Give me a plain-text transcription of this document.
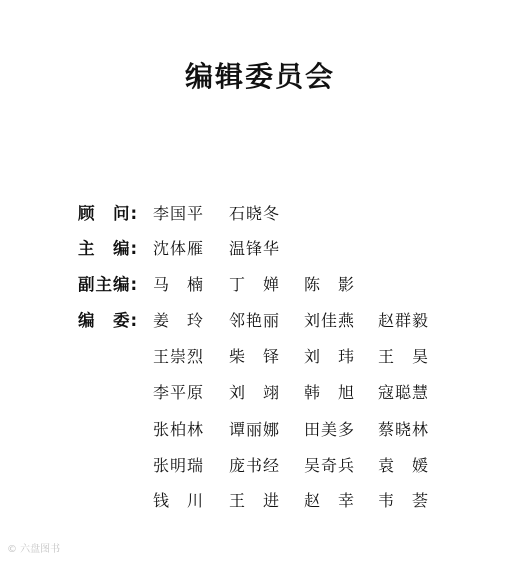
编辑委员会
顾　问: 李国平 石晓冬
主　编: 沈体雁 温锋华
副主编: 马　楠 丁　婵 陈　影
编　委: 姜　玲 邻艳丽 刘佳燕 赵群毅
王崇烈 柴　铎 刘　玮 王　昊
李平原 刘　翊 韩　旭 寇聪慧
张柏林 谭丽娜 田美多 蔡晓林
张明瑞 庞书经 吴奇兵 袁　媛
钱　川 王　进 赵　幸 韦　荟
© 六盘图书
